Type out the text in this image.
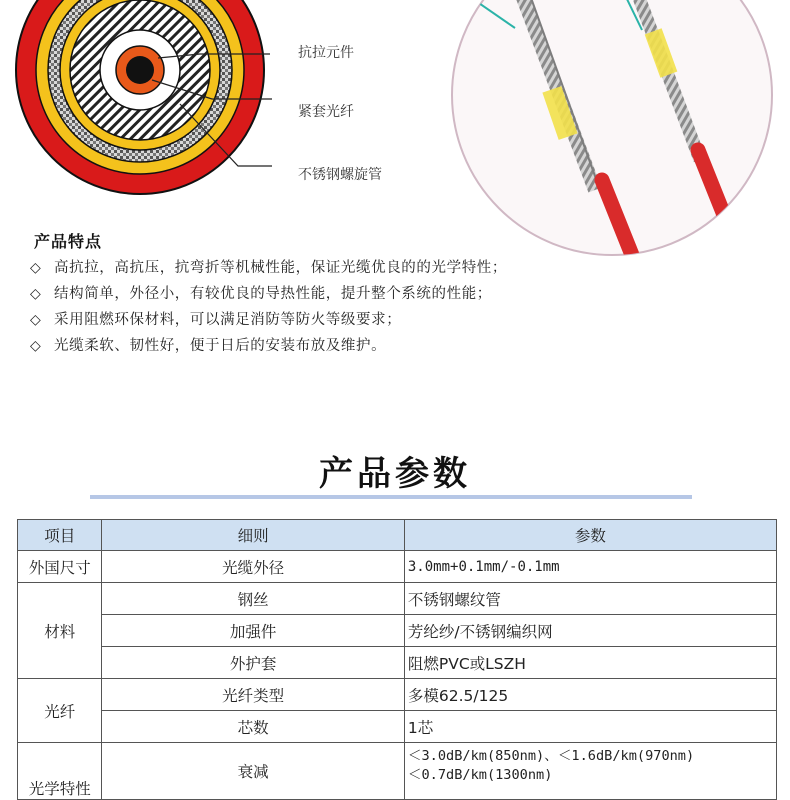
抗拉元件
紧套光纤
不锈钢螺旋管
产品特点
◇ 高抗拉，高抗压，抗弯折等机械性能，保证光缆优良的的光学特性；
◇ 结构简单，外径小，有较优良的导热性能，提升整个系统的性能；
◇ 采用阻燃环保材料，可以满足消防等防火等级要求；
◇ 光缆柔软、韧性好，便于日后的安装布放及维护。
产品参数
项目	细则	参数
外国尺寸	光缆外径	3.0mm+0.1mm/-0.1mm
材料	钢丝	不锈钢螺纹管
	加强件	芳纶纱/不锈钢编织网
	外护套	阻燃PVC或LSZH
光纤	光纤类型	多模62.5/125
	芯数	1芯
光学特性	衰减	＜3.0dB/km(850nm)、＜1.6dB/km(970nm)
＜0.7dB/km(1300nm)
